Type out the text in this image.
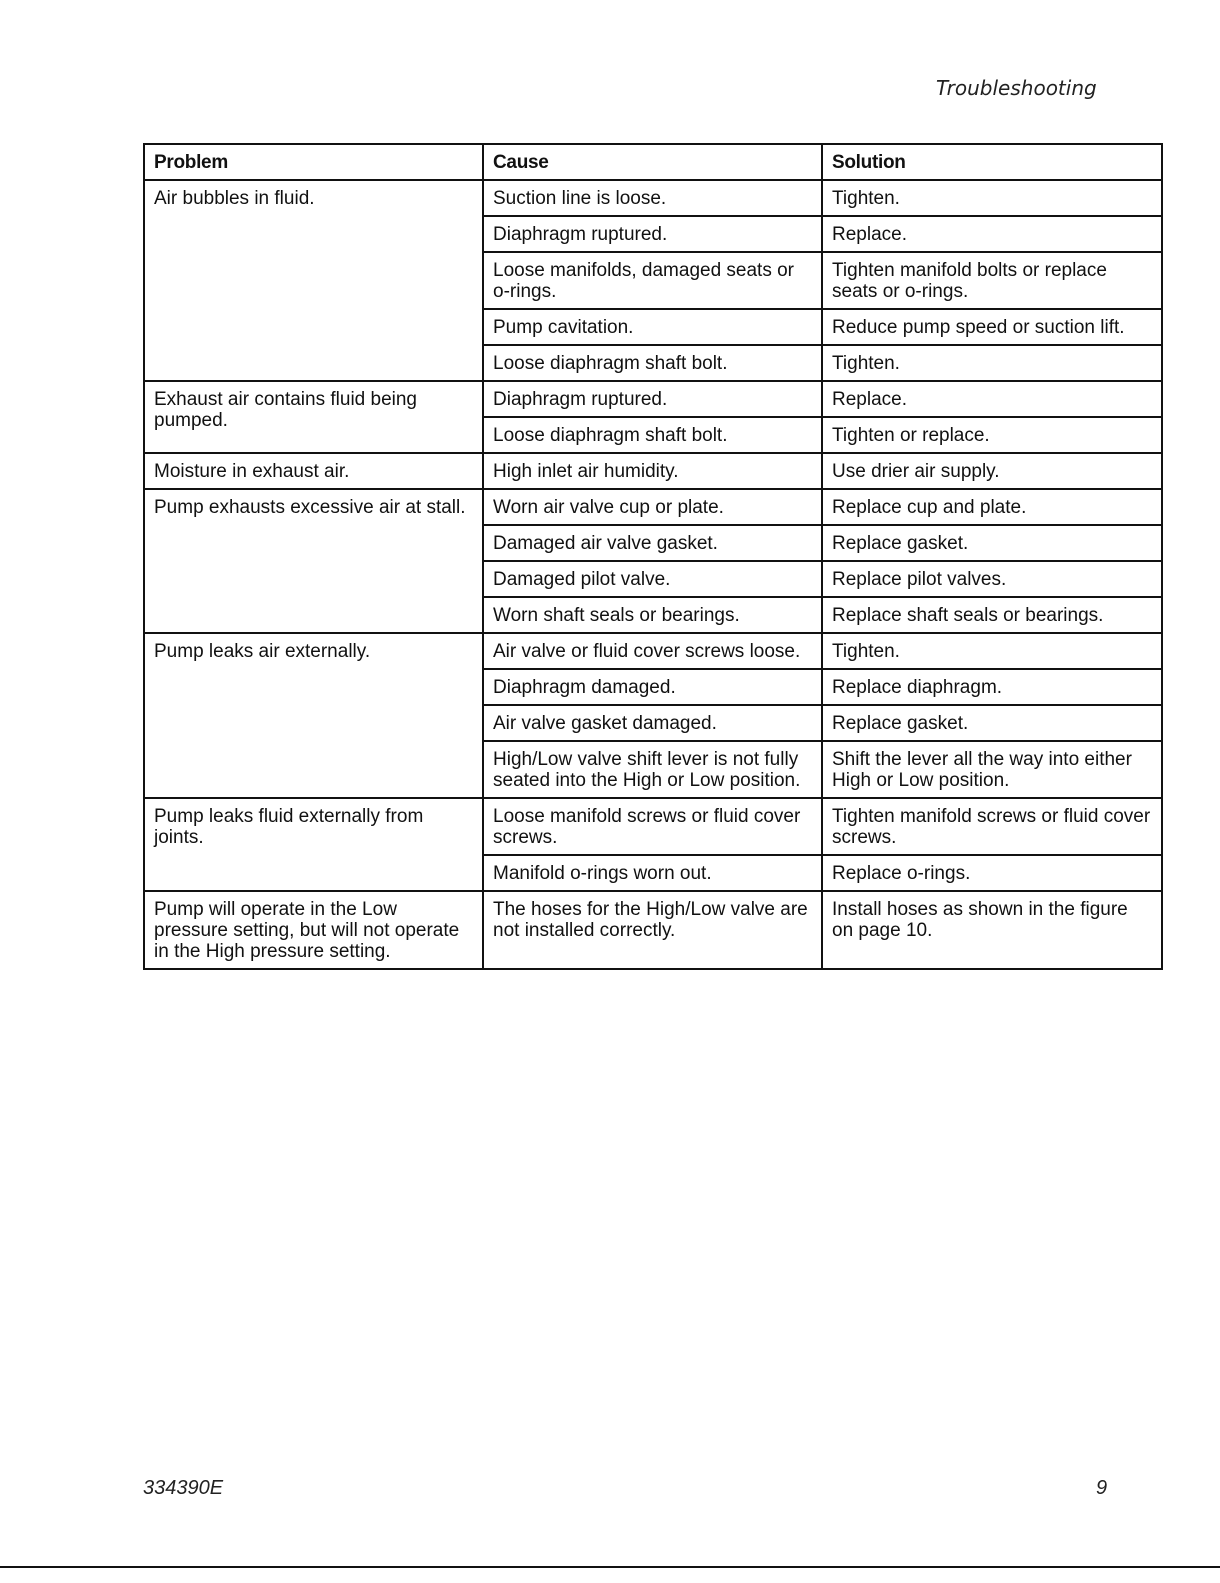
Troubleshooting
Problem	Cause	Solution
Air bubbles in fluid.	Suction line is loose.	Tighten.
	Diaphragm ruptured.	Replace.
	Loose manifolds, damaged seats or o-rings.	Tighten manifold bolts or replace seats or o-rings.
	Pump cavitation.	Reduce pump speed or suction lift.
	Loose diaphragm shaft bolt.	Tighten.
Exhaust air contains fluid being pumped.	Diaphragm ruptured.	Replace.
	Loose diaphragm shaft bolt.	Tighten or replace.
Moisture in exhaust air.	High inlet air humidity.	Use drier air supply.
Pump exhausts excessive air at stall.	Worn air valve cup or plate.	Replace cup and plate.
	Damaged air valve gasket.	Replace gasket.
	Damaged pilot valve.	Replace pilot valves.
	Worn shaft seals or bearings.	Replace shaft seals or bearings.
Pump leaks air externally.	Air valve or fluid cover screws loose.	Tighten.
	Diaphragm damaged.	Replace diaphragm.
	Air valve gasket damaged.	Replace gasket.
	High/Low valve shift lever is not fully seated into the High or Low position.	Shift the lever all the way into either High or Low position.
Pump leaks fluid externally from joints.	Loose manifold screws or fluid cover screws.	Tighten manifold screws or fluid cover screws.
	Manifold o-rings worn out.	Replace o-rings.
Pump will operate in the Low pressure setting, but will not operate in the High pressure setting.	The hoses for the High/Low valve are not installed correctly.	Install hoses as shown in the figure on page 10.
334390E	9
